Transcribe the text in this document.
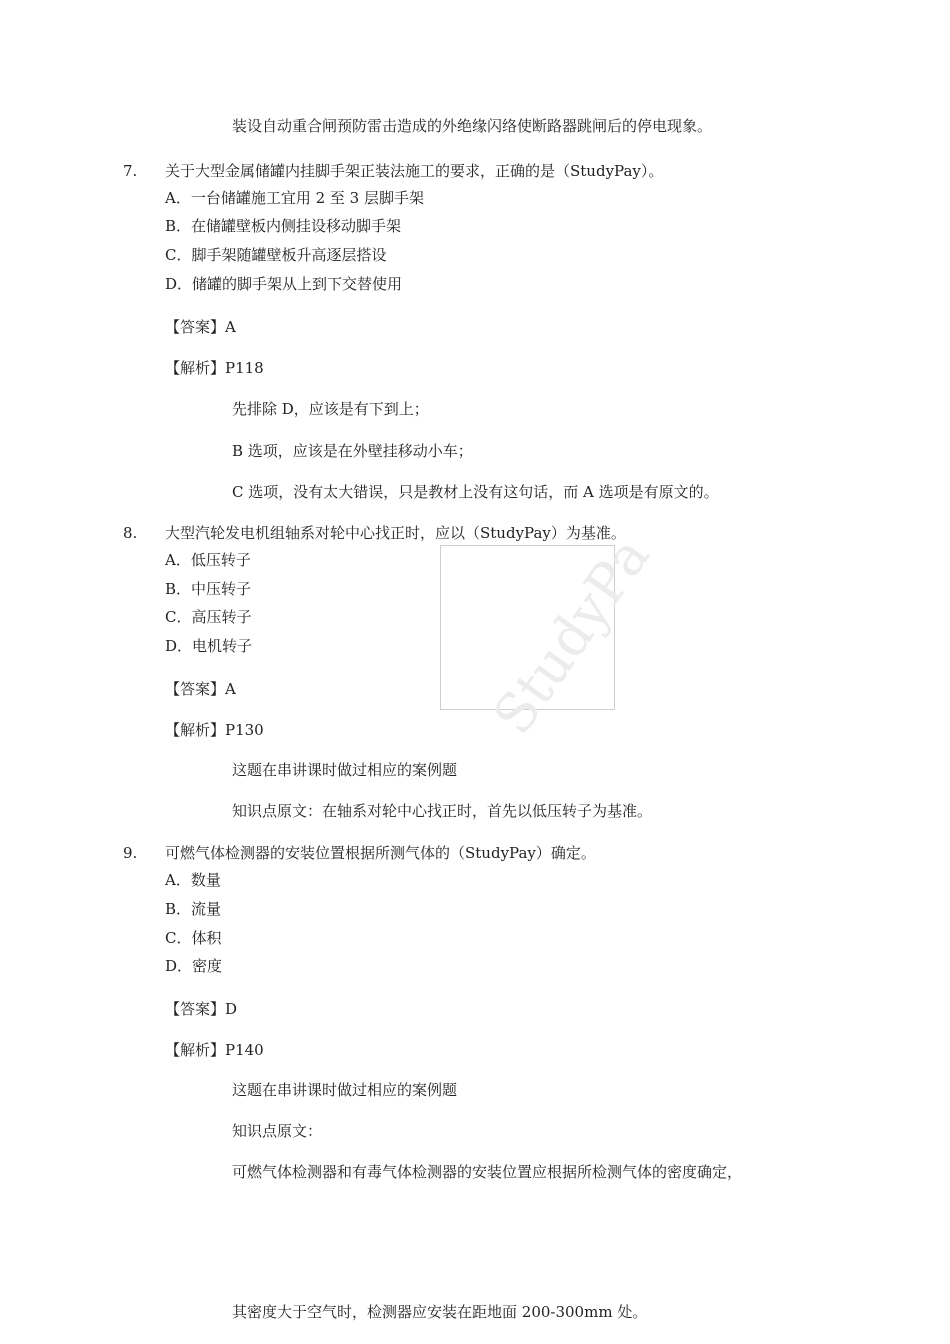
装设自动重合闸预防雷击造成的外绝缘闪络使断路器跳闸后的停电现象。
7. 关于大型金属储罐内挂脚手架正装法施工的要求，正确的是（StudyPay）。
A．一台储罐施工宜用 2 至 3 层脚手架
B．在储罐壁板内侧挂设移动脚手架
C．脚手架随罐壁板升高逐层搭设
D．储罐的脚手架从上到下交替使用
【答案】A
【解析】P118
先排除 D，应该是有下到上；
B 选项，应该是在外壁挂移动小车；
C 选项，没有太大错误，只是教材上没有这句话，而 A 选项是有原文的。
8. 大型汽轮发电机组轴系对轮中心找正时，应以（StudyPay）为基准。
A．低压转子
B．中压转子
C．高压转子
D．电机转子
【答案】A
【解析】P130
这题在串讲课时做过相应的案例题
知识点原文：在轴系对轮中心找正时，首先以低压转子为基准。
StudyPa
9. 可燃气体检测器的安装位置根据所测气体的（StudyPay）确定。
A．数量
B．流量
C．体积
D．密度
【答案】D
【解析】P140
这题在串讲课时做过相应的案例题
知识点原文：
可燃气体检测器和有毒气体检测器的安装位置应根据所检测气体的密度确定，
其密度大于空气时，检测器应安装在距地面 200-300mm 处。
